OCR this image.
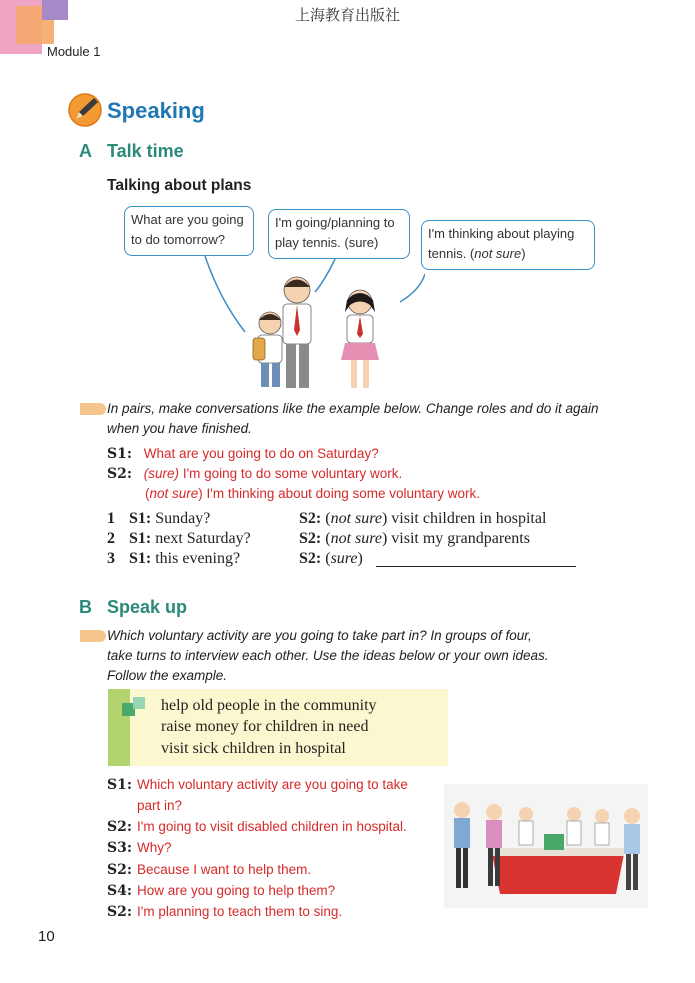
上海教育出版社
Module 1
Speaking
A Talk time
Talking about plans
What are you going
to do tomorrow?
I'm going/planning to
play tennis. (sure)
I'm thinking about playing
tennis. (not sure)
In pairs, make conversations like the example below. Change roles and do it again
when you have finished.
S1: What are you going to do on Saturday?
S2: (sure) I'm going to do some voluntary work.
(not sure) I'm thinking about doing some voluntary work.
1 S1: Sunday?	S2: (not sure) visit children in hospital
2 S1: next Saturday?	S2: (not sure) visit my grandparents
3 S1: this evening?	S2: (sure)
B Speak up
Which voluntary activity are you going to take part in? In groups of four,
take turns to interview each other. Use the ideas below or your own ideas.
Follow the example.
help old people in the community
raise money for children in need
visit sick children in hospital
S1: Which voluntary activity are you going to take
part in?
S2: I'm going to visit disabled children in hospital.
S3: Why?
S2: Because I want to help them.
S4: How are you going to help them?
S2: I'm planning to teach them to sing.
10
